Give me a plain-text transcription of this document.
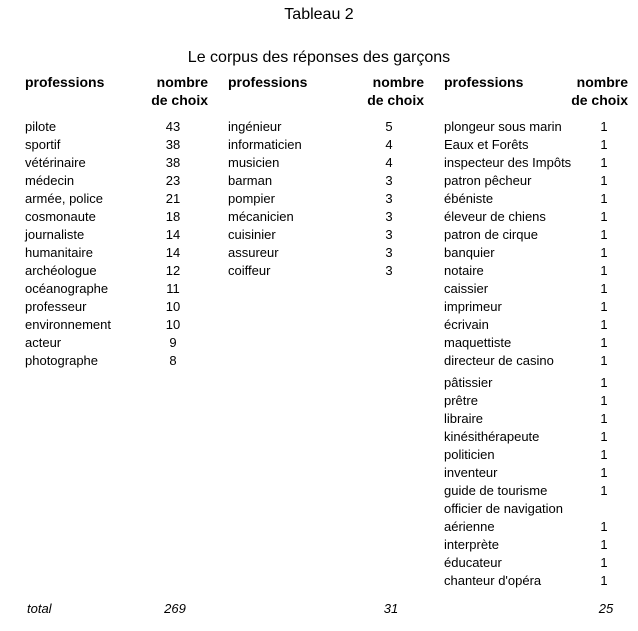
Tableau 2
Le corpus des réponses des garçons
professions	nombre
de choix
professions	nombre
de choix
professions	nombre
de choix
pilote	43
sportif	38
vétérinaire	38
médecin	23
armée, police	21
cosmonaute	18
journaliste	14
humanitaire	14
archéologue	12
océanographe	11
professeur	10
environnement	10
acteur	9
photographe	8
ingénieur	5
informaticien	4
musicien	4
barman	3
pompier	3
mécanicien	3
cuisinier	3
assureur	3
coiffeur	3
plongeur sous marin	1
Eaux et Forêts	1
inspecteur des Impôts	1
patron pêcheur	1
ébéniste	1
éleveur de chiens	1
patron de cirque	1
banquier	1
notaire	1
caissier	1
imprimeur	1
écrivain	1
maquettiste	1
directeur de casino	1
pâtissier	1
prêtre	1
libraire	1
kinésithérapeute	1
politicien	1
inventeur	1
guide de tourisme	1
officier de navigation
aérienne	1
interprète	1
éducateur	1
chanteur d'opéra	1
total	269	31	25
